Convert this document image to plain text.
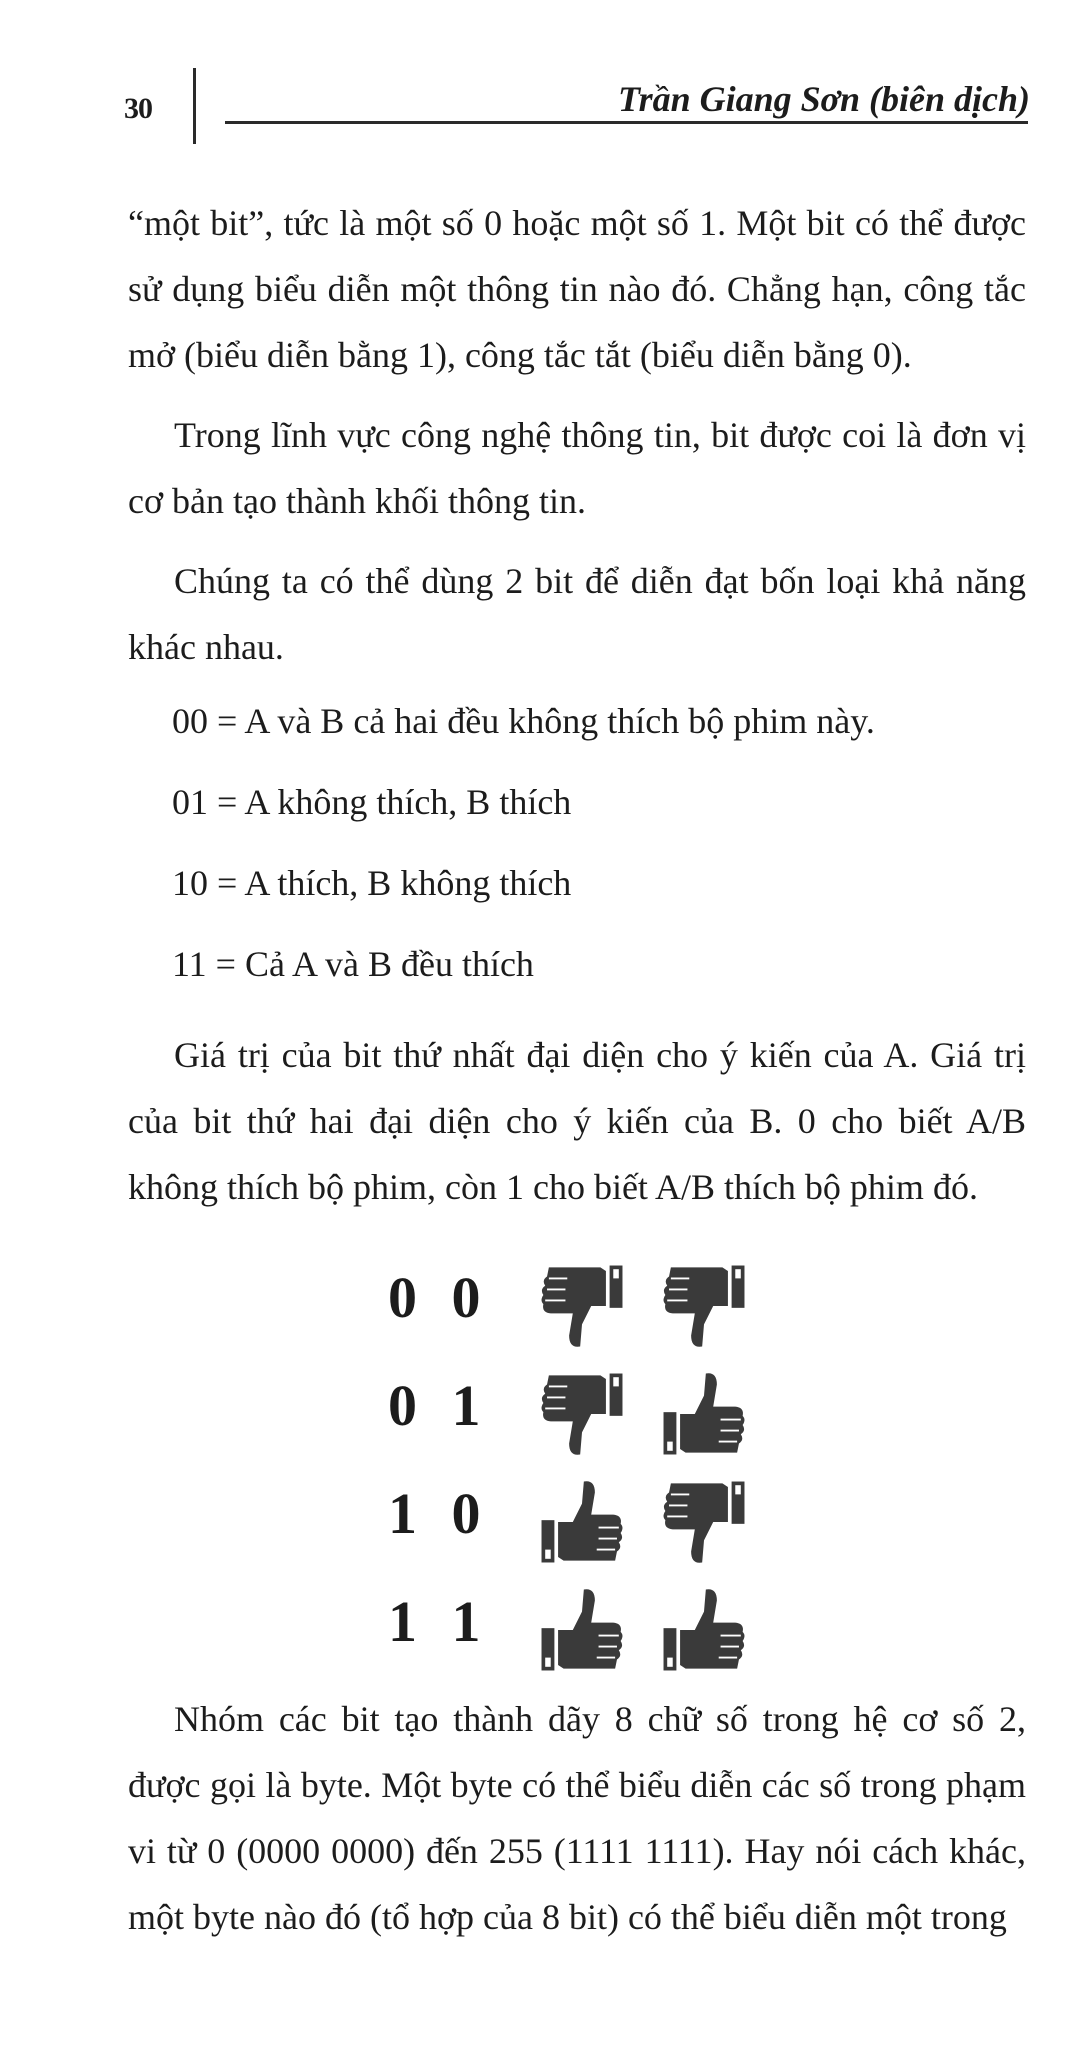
30	Trần Giang Sơn (biên dịch)

“một bit”, tức là một số 0 hoặc một số 1. Một bit có thể được sử dụng biểu diễn một thông tin nào đó. Chẳng hạn, công tắc mở (biểu diễn bằng 1), công tắc tắt (biểu diễn bằng 0).

Trong lĩnh vực công nghệ thông tin, bit được coi là đơn vị cơ bản tạo thành khối thông tin.

Chúng ta có thể dùng 2 bit để diễn đạt bốn loại khả năng khác nhau.

00 = A và B cả hai đều không thích bộ phim này.
01 = A không thích, B thích
10 = A thích, B không thích
11 = Cả A và B đều thích

Giá trị của bit thứ nhất đại diện cho ý kiến của A. Giá trị của bit thứ hai đại diện cho ý kiến của B. 0 cho biết A/B không thích bộ phim, còn 1 cho biết A/B thích bộ phim đó.

0 0
0 1
1 0
1 1

Nhóm các bit tạo thành dãy 8 chữ số trong hệ cơ số 2, được gọi là byte. Một byte có thể biểu diễn các số trong phạm vi từ 0 (0000 0000) đến 255 (1111 1111). Hay nói cách khác, một byte nào đó (tổ hợp của 8 bit) có thể biểu diễn một trong
